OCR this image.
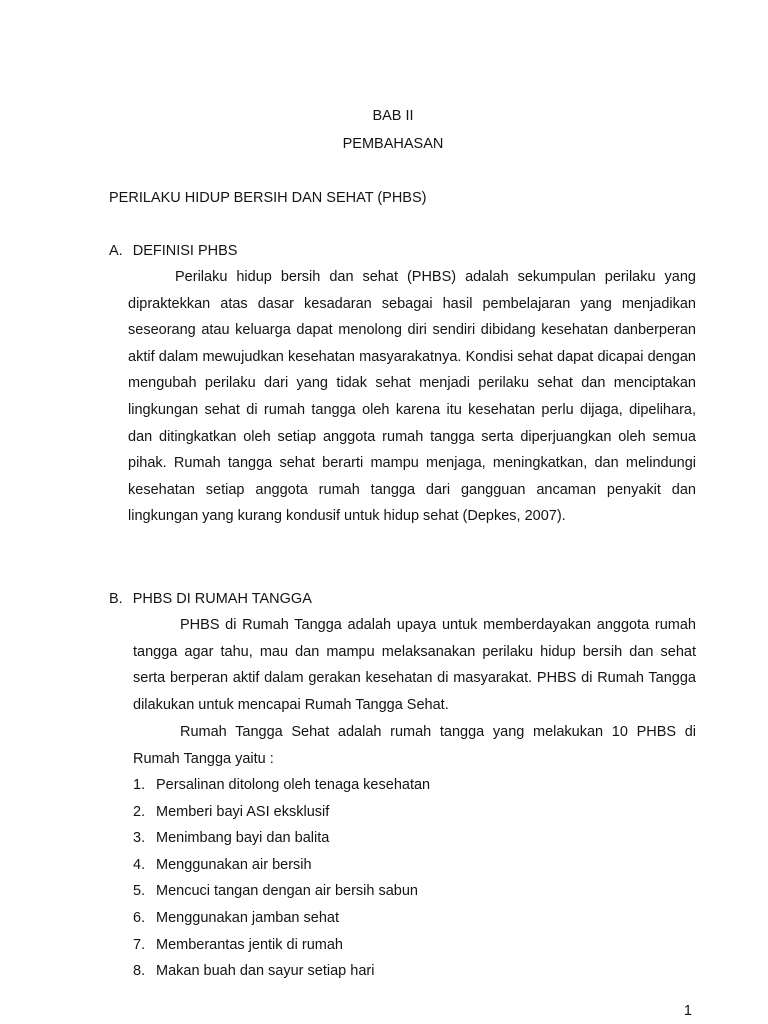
BAB II
PEMBAHASAN
PERILAKU HIDUP BERSIH DAN SEHAT (PHBS)
A. DEFINISI PHBS

Perilaku hidup bersih dan sehat (PHBS) adalah sekumpulan perilaku yang dipraktekkan atas dasar kesadaran sebagai hasil pembelajaran yang menjadikan seseorang atau keluarga dapat menolong diri sendiri dibidang kesehatan danberperan aktif dalam mewujudkan kesehatan masyarakatnya. Kondisi sehat dapat dicapai dengan mengubah perilaku dari yang tidak sehat menjadi perilaku sehat dan menciptakan lingkungan sehat di rumah tangga oleh karena itu kesehatan perlu dijaga, dipelihara, dan ditingkatkan oleh setiap anggota rumah tangga serta diperjuangkan oleh semua pihak. Rumah tangga sehat berarti mampu menjaga, meningkatkan, dan melindungi kesehatan setiap anggota rumah tangga dari gangguan ancaman penyakit dan lingkungan yang kurang kondusif untuk hidup sehat (Depkes, 2007).

B. PHBS DI RUMAH TANGGA

PHBS di Rumah Tangga adalah upaya untuk memberdayakan anggota rumah tangga agar tahu, mau dan mampu melaksanakan perilaku hidup bersih dan sehat serta berperan aktif dalam gerakan kesehatan di masyarakat. PHBS di Rumah Tangga dilakukan untuk mencapai Rumah Tangga Sehat.

Rumah Tangga Sehat adalah rumah tangga yang melakukan 10 PHBS di Rumah Tangga yaitu :

1. Persalinan ditolong oleh tenaga kesehatan
2. Memberi bayi ASI eksklusif
3. Menimbang bayi dan balita
4. Menggunakan air bersih
5. Mencuci tangan dengan air bersih sabun
6. Menggunakan jamban sehat
7. Memberantas jentik di rumah
8. Makan buah dan sayur setiap hari
1
